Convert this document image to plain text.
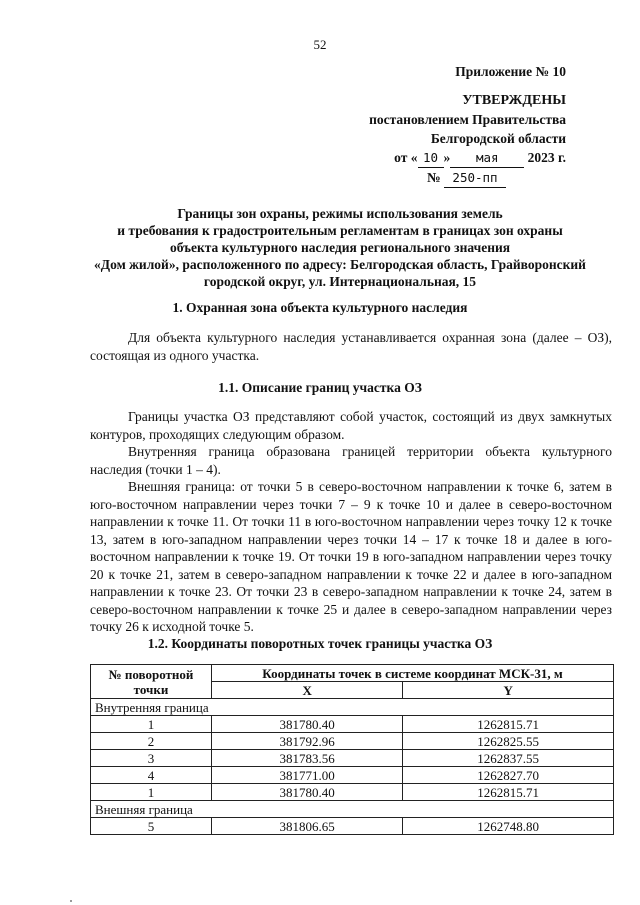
52
Приложение № 10
УТВЕРЖДЕНЫ
постановлением Правительства
Белгородской области
от « 10 » мая 2023 г.
№ 250-пп
Границы зон охраны, режимы использования земель
и требования к градостроительным регламентам в границах зон охраны
объекта культурного наследия регионального значения
«Дом жилой», расположенного по адресу: Белгородская область, Грайворонский
городской округ, ул. Интернациональная, 15
1. Охранная зона объекта культурного наследия
Для объекта культурного наследия устанавливается охранная зона (далее – ОЗ), состоящая из одного участка.
1.1. Описание границ участка ОЗ
Границы участка ОЗ представляют собой участок, состоящий из двух замкнутых контуров, проходящих следующим образом.
Внутренняя граница образована границей территории объекта культурного наследия (точки 1 – 4).
Внешняя граница: от точки 5 в северо-восточном направлении к точке 6, затем в юго-восточном направлении через точки 7 – 9 к точке 10 и далее в северо-восточном направлении к точке 11. От точки 11 в юго-восточном направлении через точку 12 к точке 13, затем в юго-западном направлении через точки 14 – 17 к точке 18 и далее в юго-восточном направлении к точке 19. От точки 19 в юго-западном направлении через точку 20 к точке 21, затем в северо-западном направлении к точке 22 и далее в юго-западном направлении к точке 23. От точки 23 в северо-западном направлении к точке 24, затем в северо-восточном направлении к точке 25 и далее в северо-западном направлении через точку 26 к исходной точке 5.
1.2. Координаты поворотных точек границы участка ОЗ
№ поворотной точки	Координаты точек в системе координат МСК-31, м	
	X	Y
Внутренняя граница		
1	381780.40	1262815.71
2	381792.96	1262825.55
3	381783.56	1262837.55
4	381771.00	1262827.70
1	381780.40	1262815.71
Внешняя граница		
5	381806.65	1262748.80
